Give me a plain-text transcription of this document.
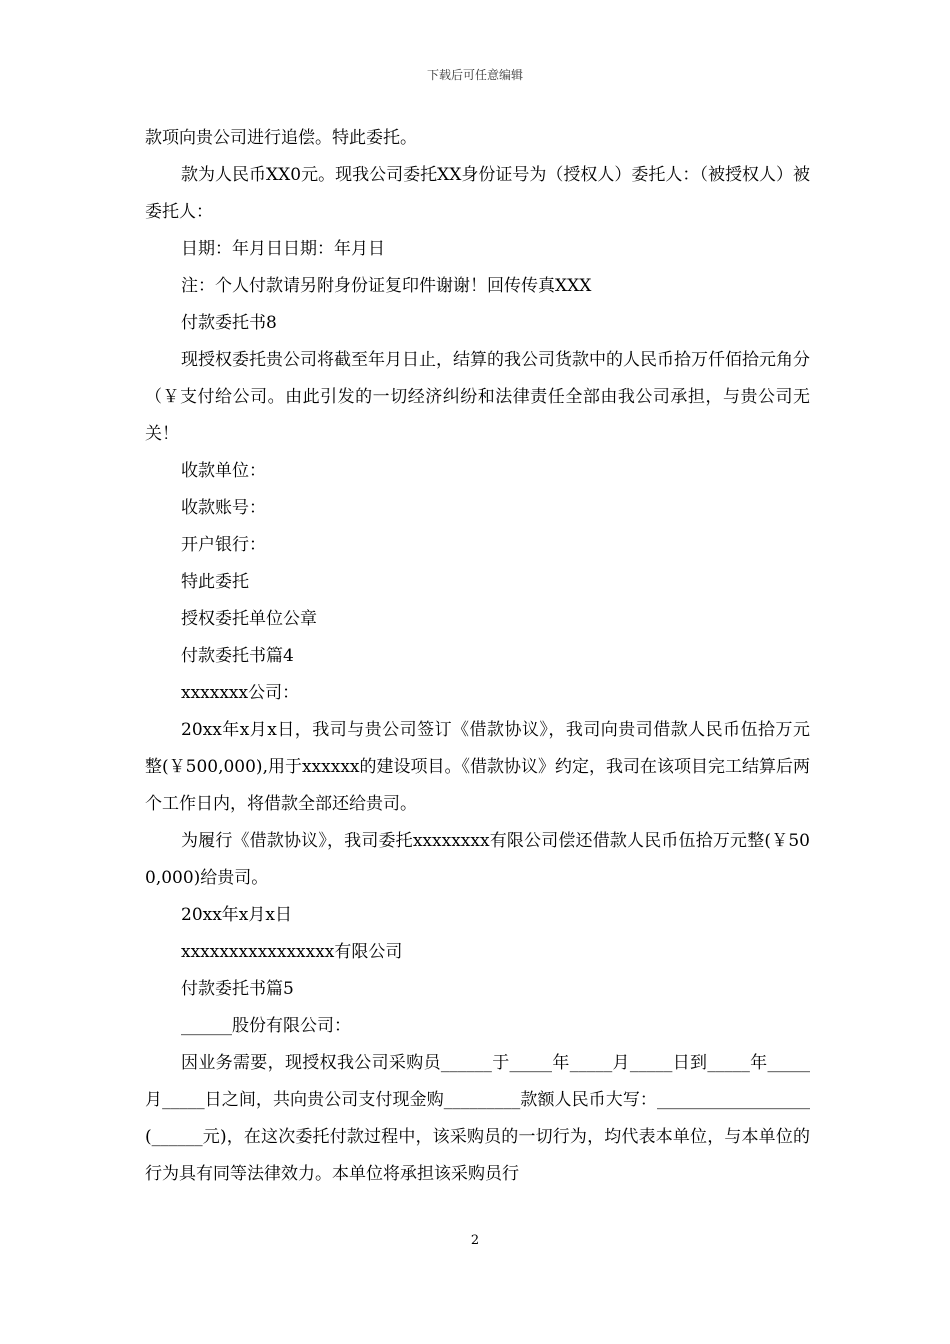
下载后可任意编辑

款项向贵公司进行追偿。特此委托。

款为人民币XX0元。现我公司委托XX身份证号为（授权人）委托人：（被授权人）被委托人：

日期：年月日日期：年月日

注：个人付款请另附身份证复印件谢谢！回传传真XXX

付款委托书8

现授权委托贵公司将截至年月日止，结算的我公司货款中的人民币拾万仟佰拾元角分（￥支付给公司。由此引发的一切经济纠纷和法律责任全部由我公司承担，与贵公司无关！

收款单位：

收款账号：

开户银行：

特此委托

授权委托单位公章

付款委托书篇4

xxxxxxx公司：

20xx年x月x日，我司与贵公司签订《借款协议》，我司向贵司借款人民币伍拾万元整(￥500,000),用于xxxxxx的建设项目。《借款协议》约定，我司在该项目完工结算后两个工作日内，将借款全部还给贵司。

为履行《借款协议》，我司委托xxxxxxxx有限公司偿还借款人民币伍拾万元整(￥500,000)给贵司。

20xx年x月x日

xxxxxxxxxxxxxxxx有限公司

付款委托书篇5

______股份有限公司：

因业务需要，现授权我公司采购员______于_____年_____月_____日到_____年_____月_____日之间，共向贵公司支付现金购_________款额人民币大写：__________________(______元)，在这次委托付款过程中，该采购员的一切行为，均代表本单位，与本单位的行为具有同等法律效力。本单位将承担该采购员行

2
